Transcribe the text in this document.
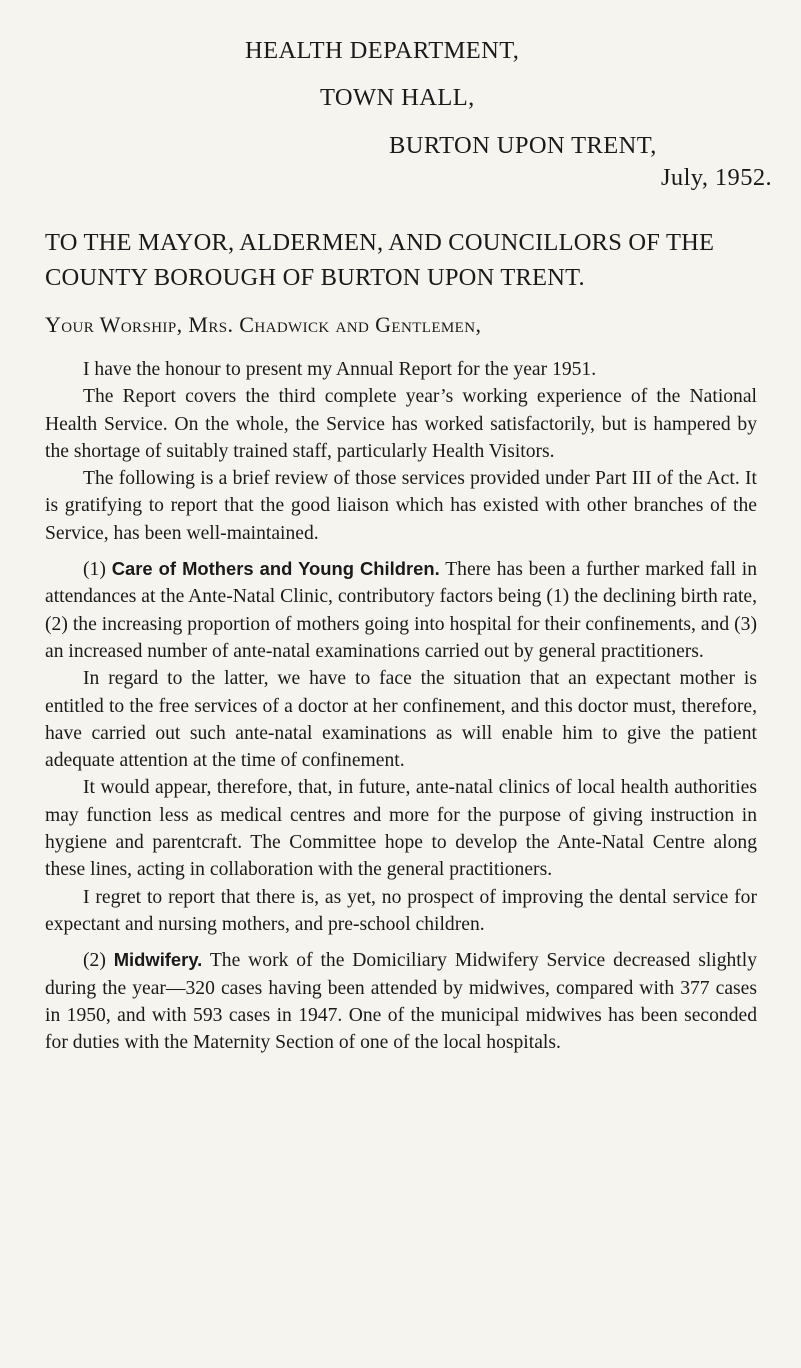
HEALTH DEPARTMENT,
TOWN HALL,
BURTON UPON TRENT,
July, 1952.
TO THE MAYOR, ALDERMEN, AND COUNCILLORS OF THE COUNTY BOROUGH OF BURTON UPON TRENT.
Your Worship, Mrs. Chadwick and Gentlemen,

I have the honour to present my Annual Report for the year 1951.

The Report covers the third complete year’s working experience of the National Health Service. On the whole, the Service has worked satisfactorily, but is hampered by the shortage of suitably trained staff, particularly Health Visitors.

The following is a brief review of those services provided under Part III of the Act. It is gratifying to report that the good liaison which has existed with other branches of the Service, has been well-maintained.

(1) Care of Mothers and Young Children. There has been a further marked fall in attendances at the Ante-Natal Clinic, contributory factors being (1) the declining birth rate, (2) the increasing proportion of mothers going into hospital for their confinements, and (3) an increased number of ante-natal examinations carried out by general practitioners.

In regard to the latter, we have to face the situation that an expectant mother is entitled to the free services of a doctor at her confinement, and this doctor must, therefore, have carried out such ante-natal examinations as will enable him to give the patient adequate attention at the time of confinement.

It would appear, therefore, that, in future, ante-natal clinics of local health authorities may function less as medical centres and more for the purpose of giving instruction in hygiene and parentcraft. The Committee hope to develop the Ante-Natal Centre along these lines, acting in collaboration with the general practitioners.

I regret to report that there is, as yet, no prospect of improving the dental service for expectant and nursing mothers, and pre-school children.

(2) Midwifery. The work of the Domiciliary Midwifery Service decreased slightly during the year—320 cases having been attended by midwives, compared with 377 cases in 1950, and with 593 cases in 1947. One of the municipal midwives has been seconded for duties with the Maternity Section of one of the local hospitals.
